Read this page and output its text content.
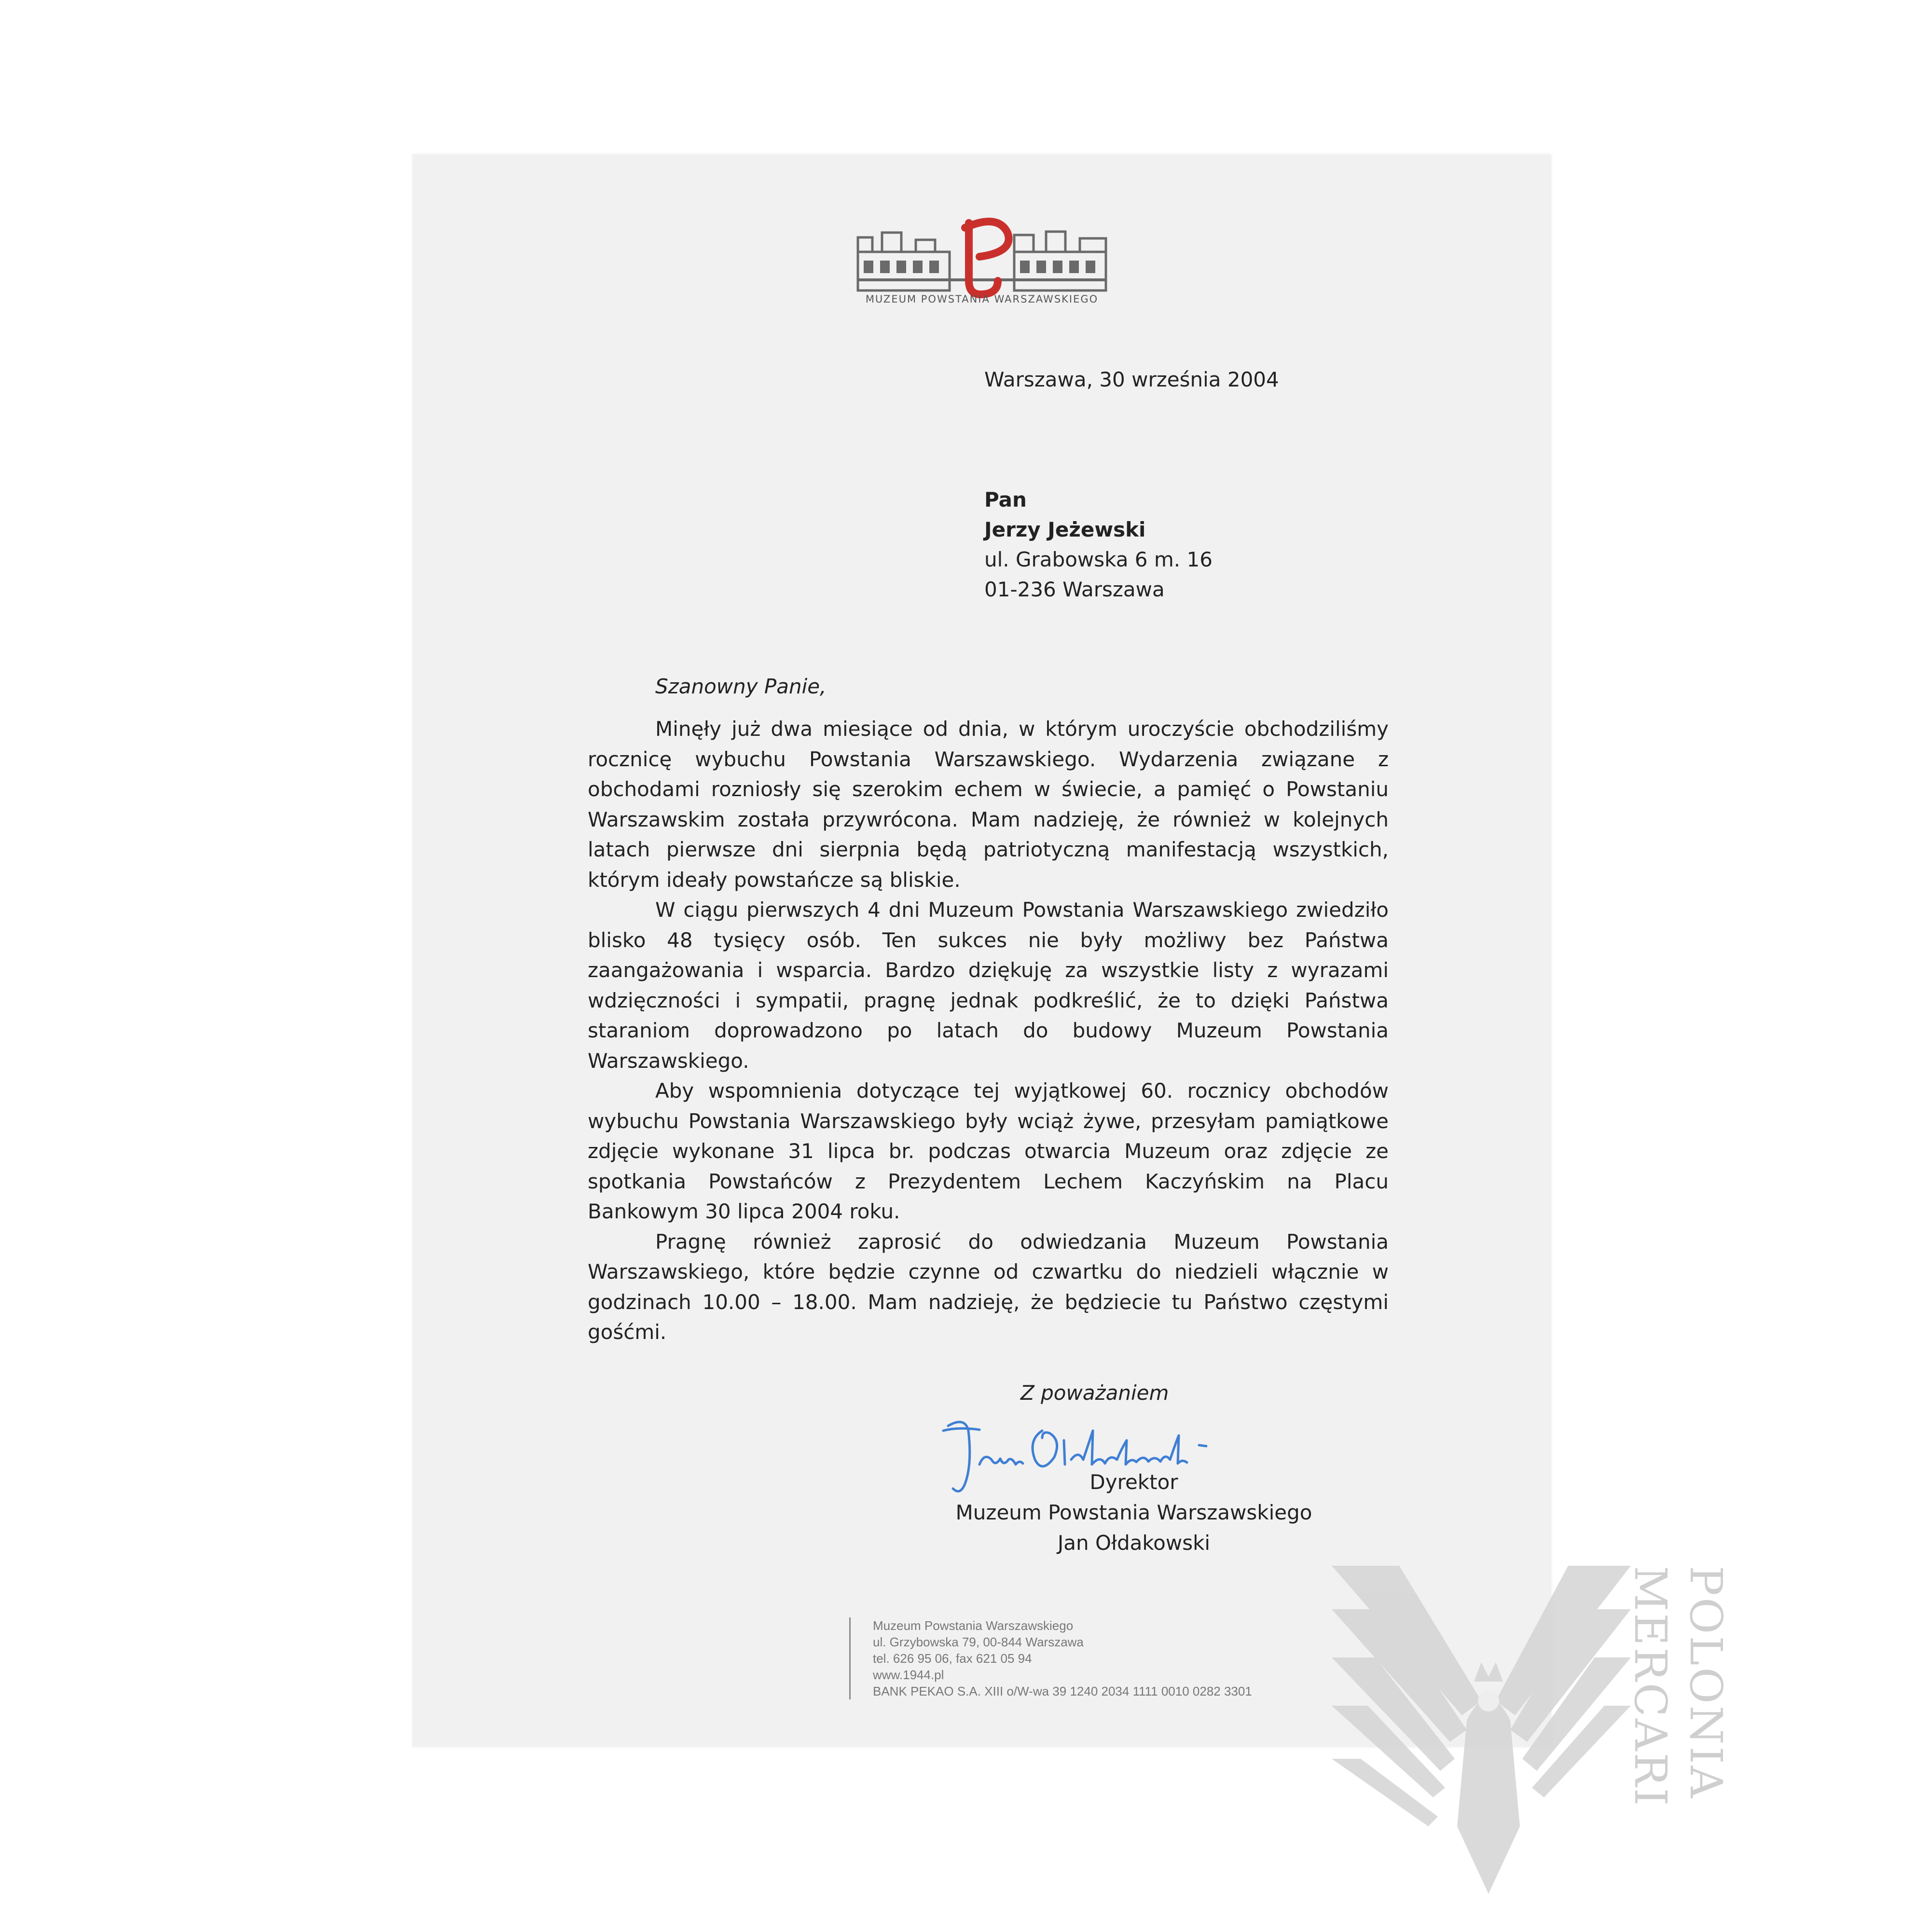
MUZEUM POWSTANIA WARSZAWSKIEGO
Warszawa, 30 września 2004
Pan
Jerzy Jeżewski
ul. Grabowska 6 m. 16
01-236 Warszawa
Szanowny Panie,

Minęły już dwa miesiące od dnia, w którym uroczyście obchodziliśmy rocznicę wybuchu Powstania Warszawskiego. Wydarzenia związane z obchodami rozniosły się szerokim echem w świecie, a pamięć o Powstaniu Warszawskim została przywrócona. Mam nadzieję, że również w kolejnych latach pierwsze dni sierpnia będą patriotyczną manifestacją wszystkich, którym ideały powstańcze są bliskie.

W ciągu pierwszych 4 dni Muzeum Powstania Warszawskiego zwiedziło blisko 48 tysięcy osób. Ten sukces nie były możliwy bez Państwa zaangażowania i wsparcia. Bardzo dziękuję za wszystkie listy z wyrazami wdzięczności i sympatii, pragnę jednak podkreślić, że to dzięki Państwa staraniom doprowadzono po latach do budowy Muzeum Powstania Warszawskiego.

Aby wspomnienia dotyczące tej wyjątkowej 60. rocznicy obchodów wybuchu Powstania Warszawskiego były wciąż żywe, przesyłam pamiątkowe zdjęcie wykonane 31 lipca br. podczas otwarcia Muzeum oraz zdjęcie ze spotkania Powstańców z Prezydentem Lechem Kaczyńskim na Placu Bankowym 30 lipca 2004 roku.

Pragnę również zaprosić do odwiedzania Muzeum Powstania Warszawskiego, które będzie czynne od czwartku do niedzieli włącznie w godzinach 10.00 – 18.00. Mam nadzieję, że będziecie tu Państwo częstymi gośćmi.

Z poważaniem
Dyrektor
Muzeum Powstania Warszawskiego
Jan Ołdakowski
Muzeum Powstania Warszawskiego
ul. Grzybowska 79, 00-844 Warszawa
tel. 626 95 06, fax 621 05 94
www.1944.pl
BANK PEKAO S.A. XIII o/W-wa 39 1240 2034 1111 0010 0282 3301	MERCARI POLONIA
